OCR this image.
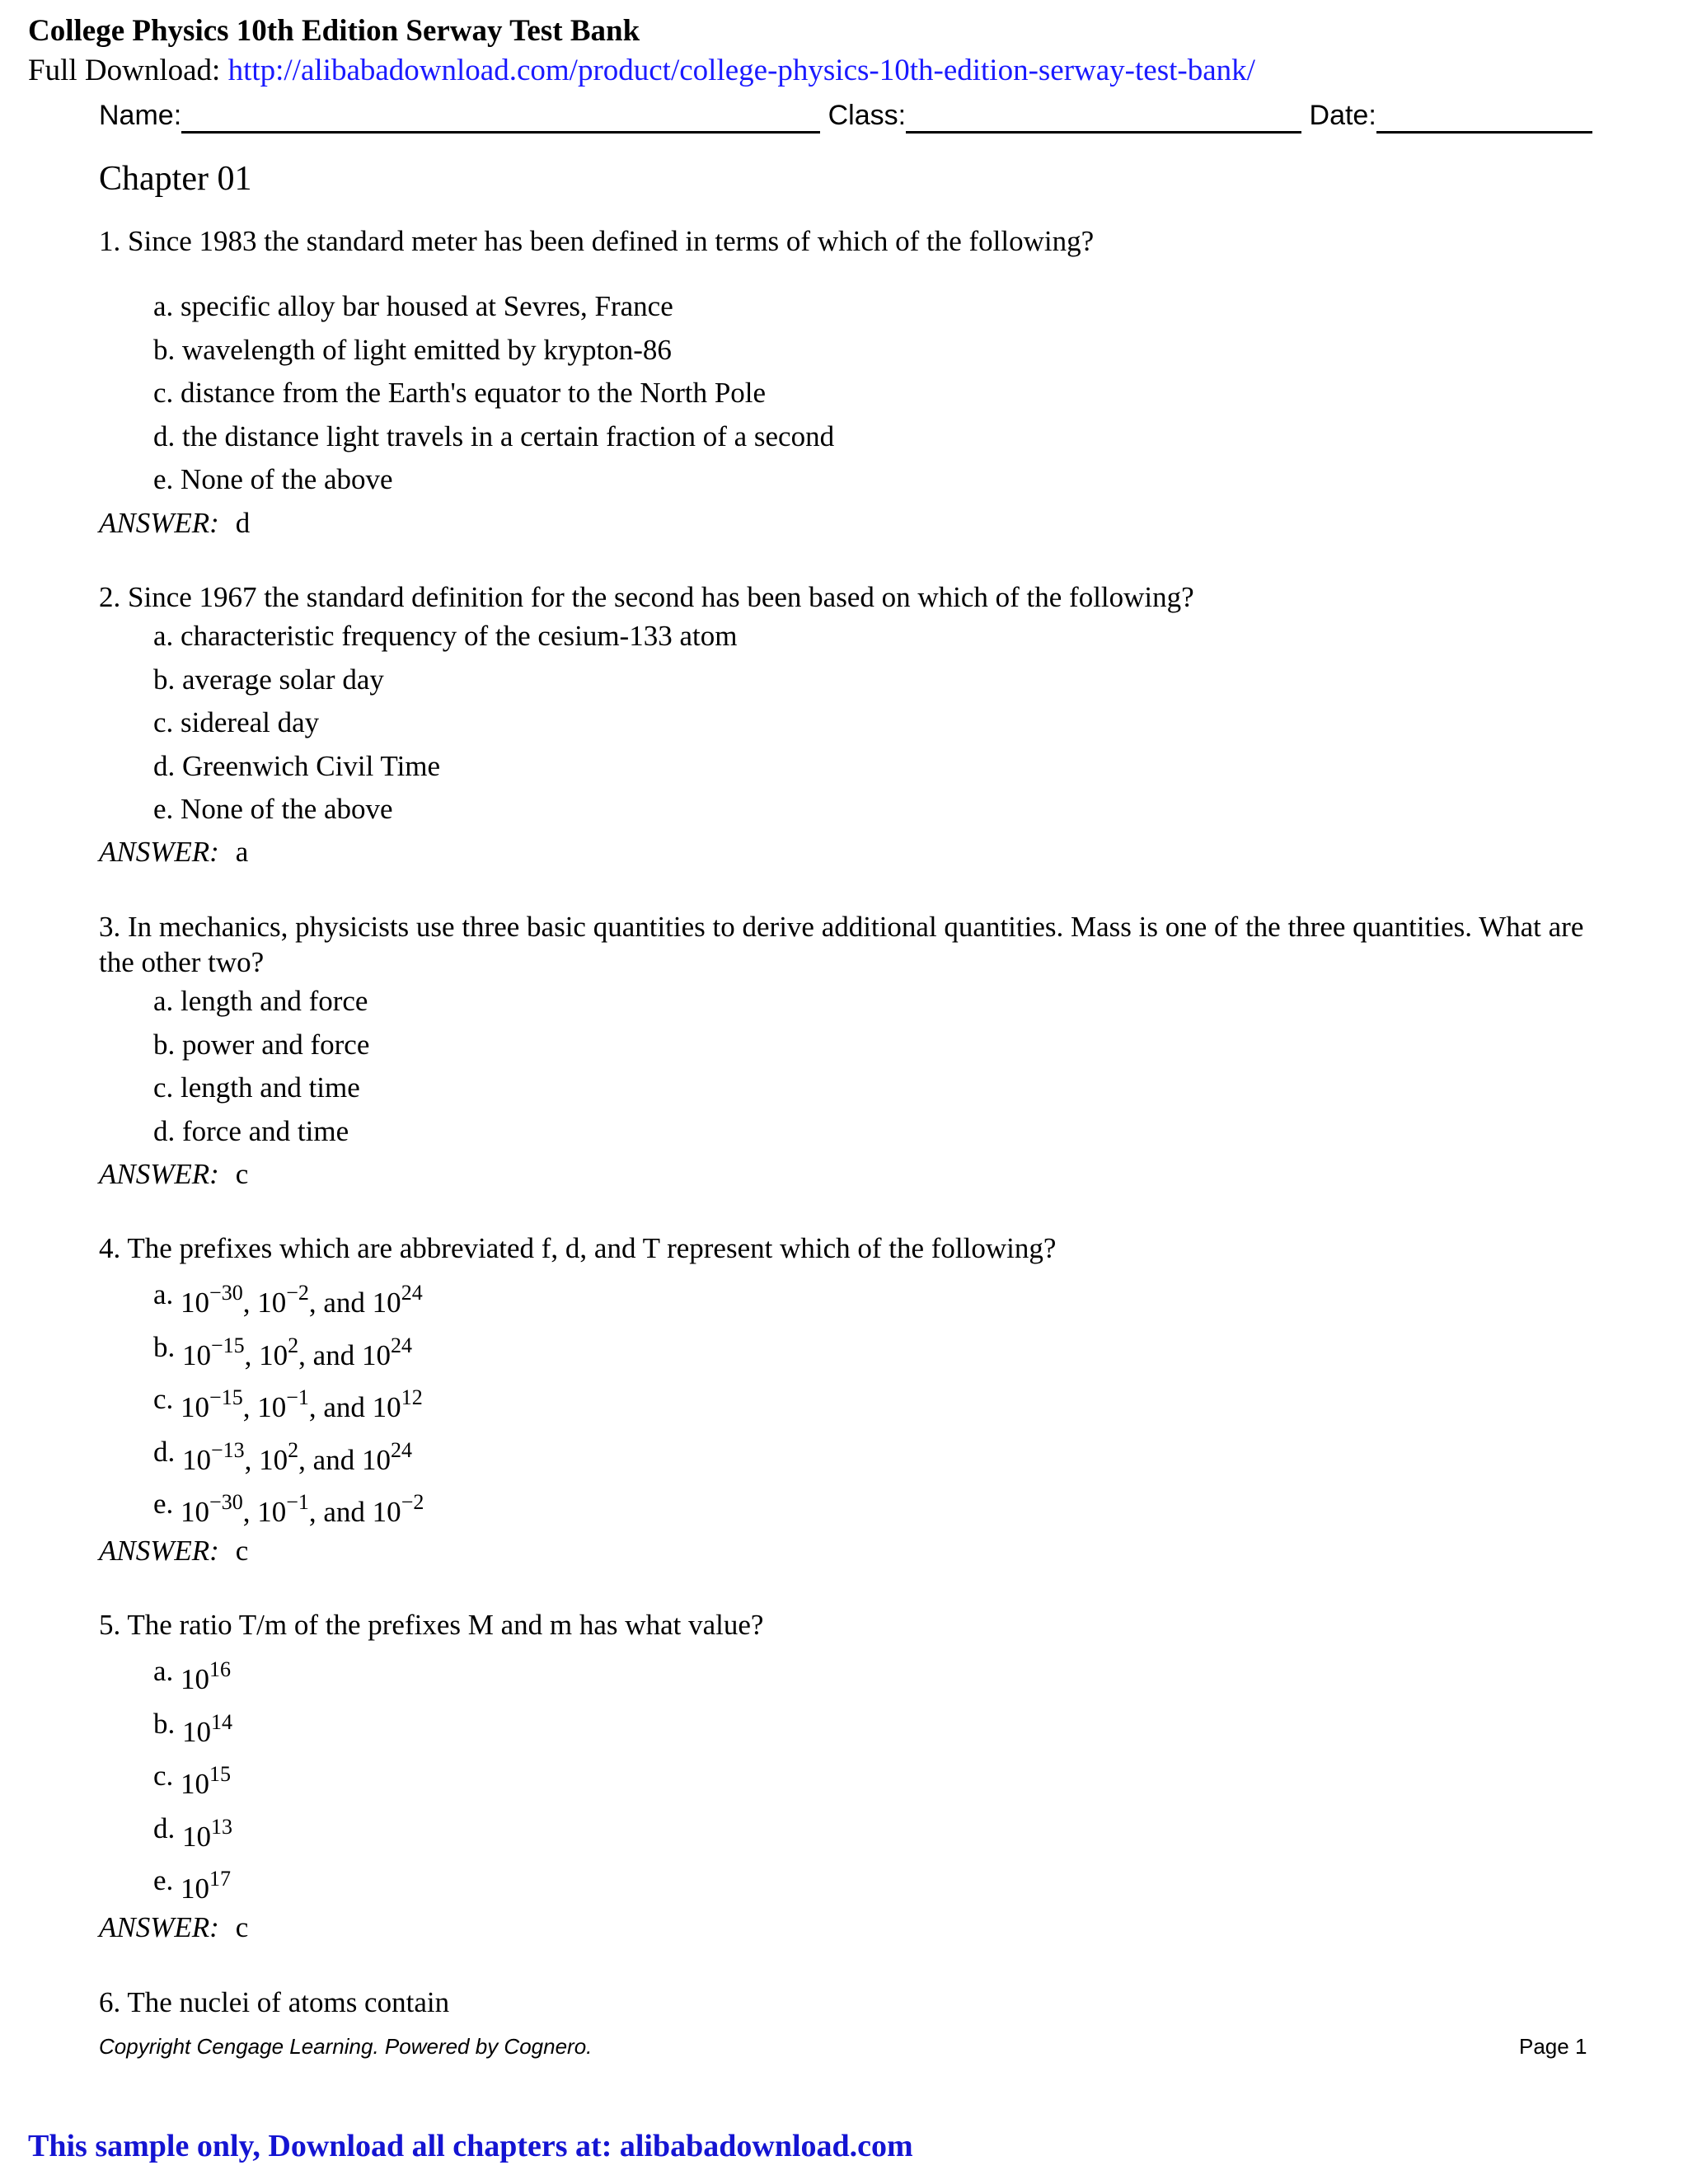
College Physics 10th Edition Serway Test Bank
Full Download: http://alibabadownload.com/product/college-physics-10th-edition-serway-test-bank/
Name:	Class:	Date:
Chapter 01
1. Since 1983 the standard meter has been defined in terms of which of the following?
a. specific alloy bar housed at Sevres, France
b. wavelength of light emitted by krypton-86
c. distance from the Earth's equator to the North Pole
d. the distance light travels in a certain fraction of a second
e. None of the above
ANSWER: d
2. Since 1967 the standard definition for the second has been based on which of the following?
a. characteristic frequency of the cesium-133 atom
b. average solar day
c. sidereal day
d. Greenwich Civil Time
e. None of the above
ANSWER: a
3. In mechanics, physicists use three basic quantities to derive additional quantities. Mass is one of the three quantities. What are the other two?
a. length and force
b. power and force
c. length and time
d. force and time
ANSWER: c
4. The prefixes which are abbreviated f, d, and T represent which of the following?
a. $10^{-30}$, $10^{-2}$, and $10^{24}$
b. $10^{-15}$, $10^2$, and $10^{24}$
c. $10^{-15}$, $10^{-1}$, and $10^{12}$
d. $10^{-13}$, $10^2$, and $10^{24}$
e. $10^{-30}$, $10^{-1}$, and $10^{-2}$
ANSWER: c
5. The ratio T/m of the prefixes M and m has what value?
a. $10^{16}$
b. $10^{14}$
c. $10^{15}$
d. $10^{13}$
e. $10^{17}$
ANSWER: c
6. The nuclei of atoms contain
Copyright Cengage Learning. Powered by Cognero.	Page 1
This sample only, Download all chapters at: alibabadownload.com
